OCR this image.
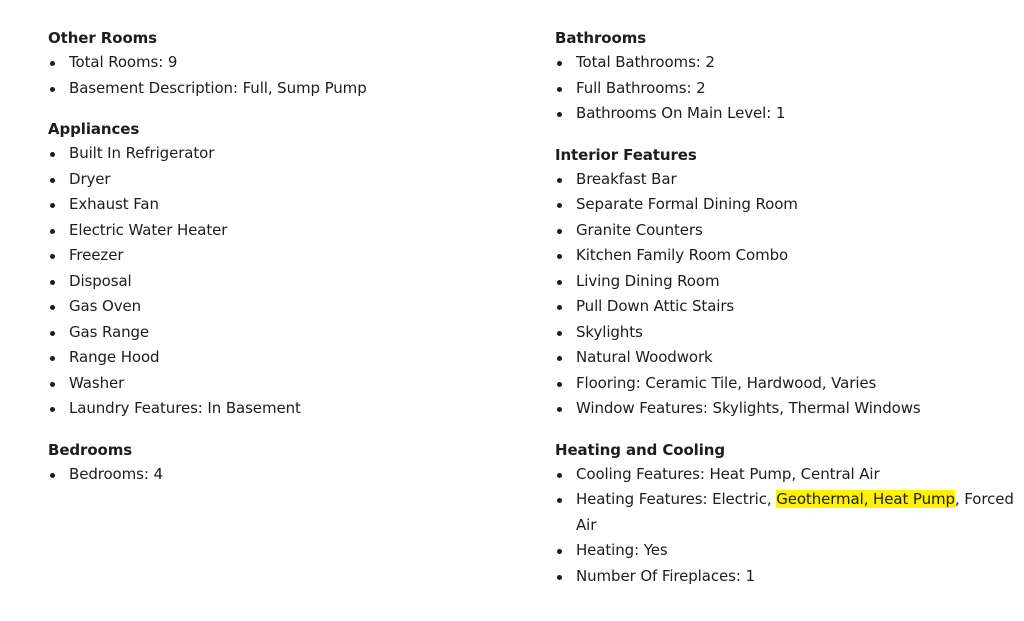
Other Rooms
Total Rooms: 9
Basement Description: Full, Sump Pump
Appliances
Built In Refrigerator
Dryer
Exhaust Fan
Electric Water Heater
Freezer
Disposal
Gas Oven
Gas Range
Range Hood
Washer
Laundry Features: In Basement
Bedrooms
Bedrooms: 4
Bathrooms
Total Bathrooms: 2
Full Bathrooms: 2
Bathrooms On Main Level: 1
Interior Features
Breakfast Bar
Separate Formal Dining Room
Granite Counters
Kitchen Family Room Combo
Living Dining Room
Pull Down Attic Stairs
Skylights
Natural Woodwork
Flooring: Ceramic Tile, Hardwood, Varies
Window Features: Skylights, Thermal Windows
Heating and Cooling
Cooling Features: Heat Pump, Central Air
Heating Features: Electric, Geothermal, Heat Pump, Forced Air
Heating: Yes
Number Of Fireplaces: 1
